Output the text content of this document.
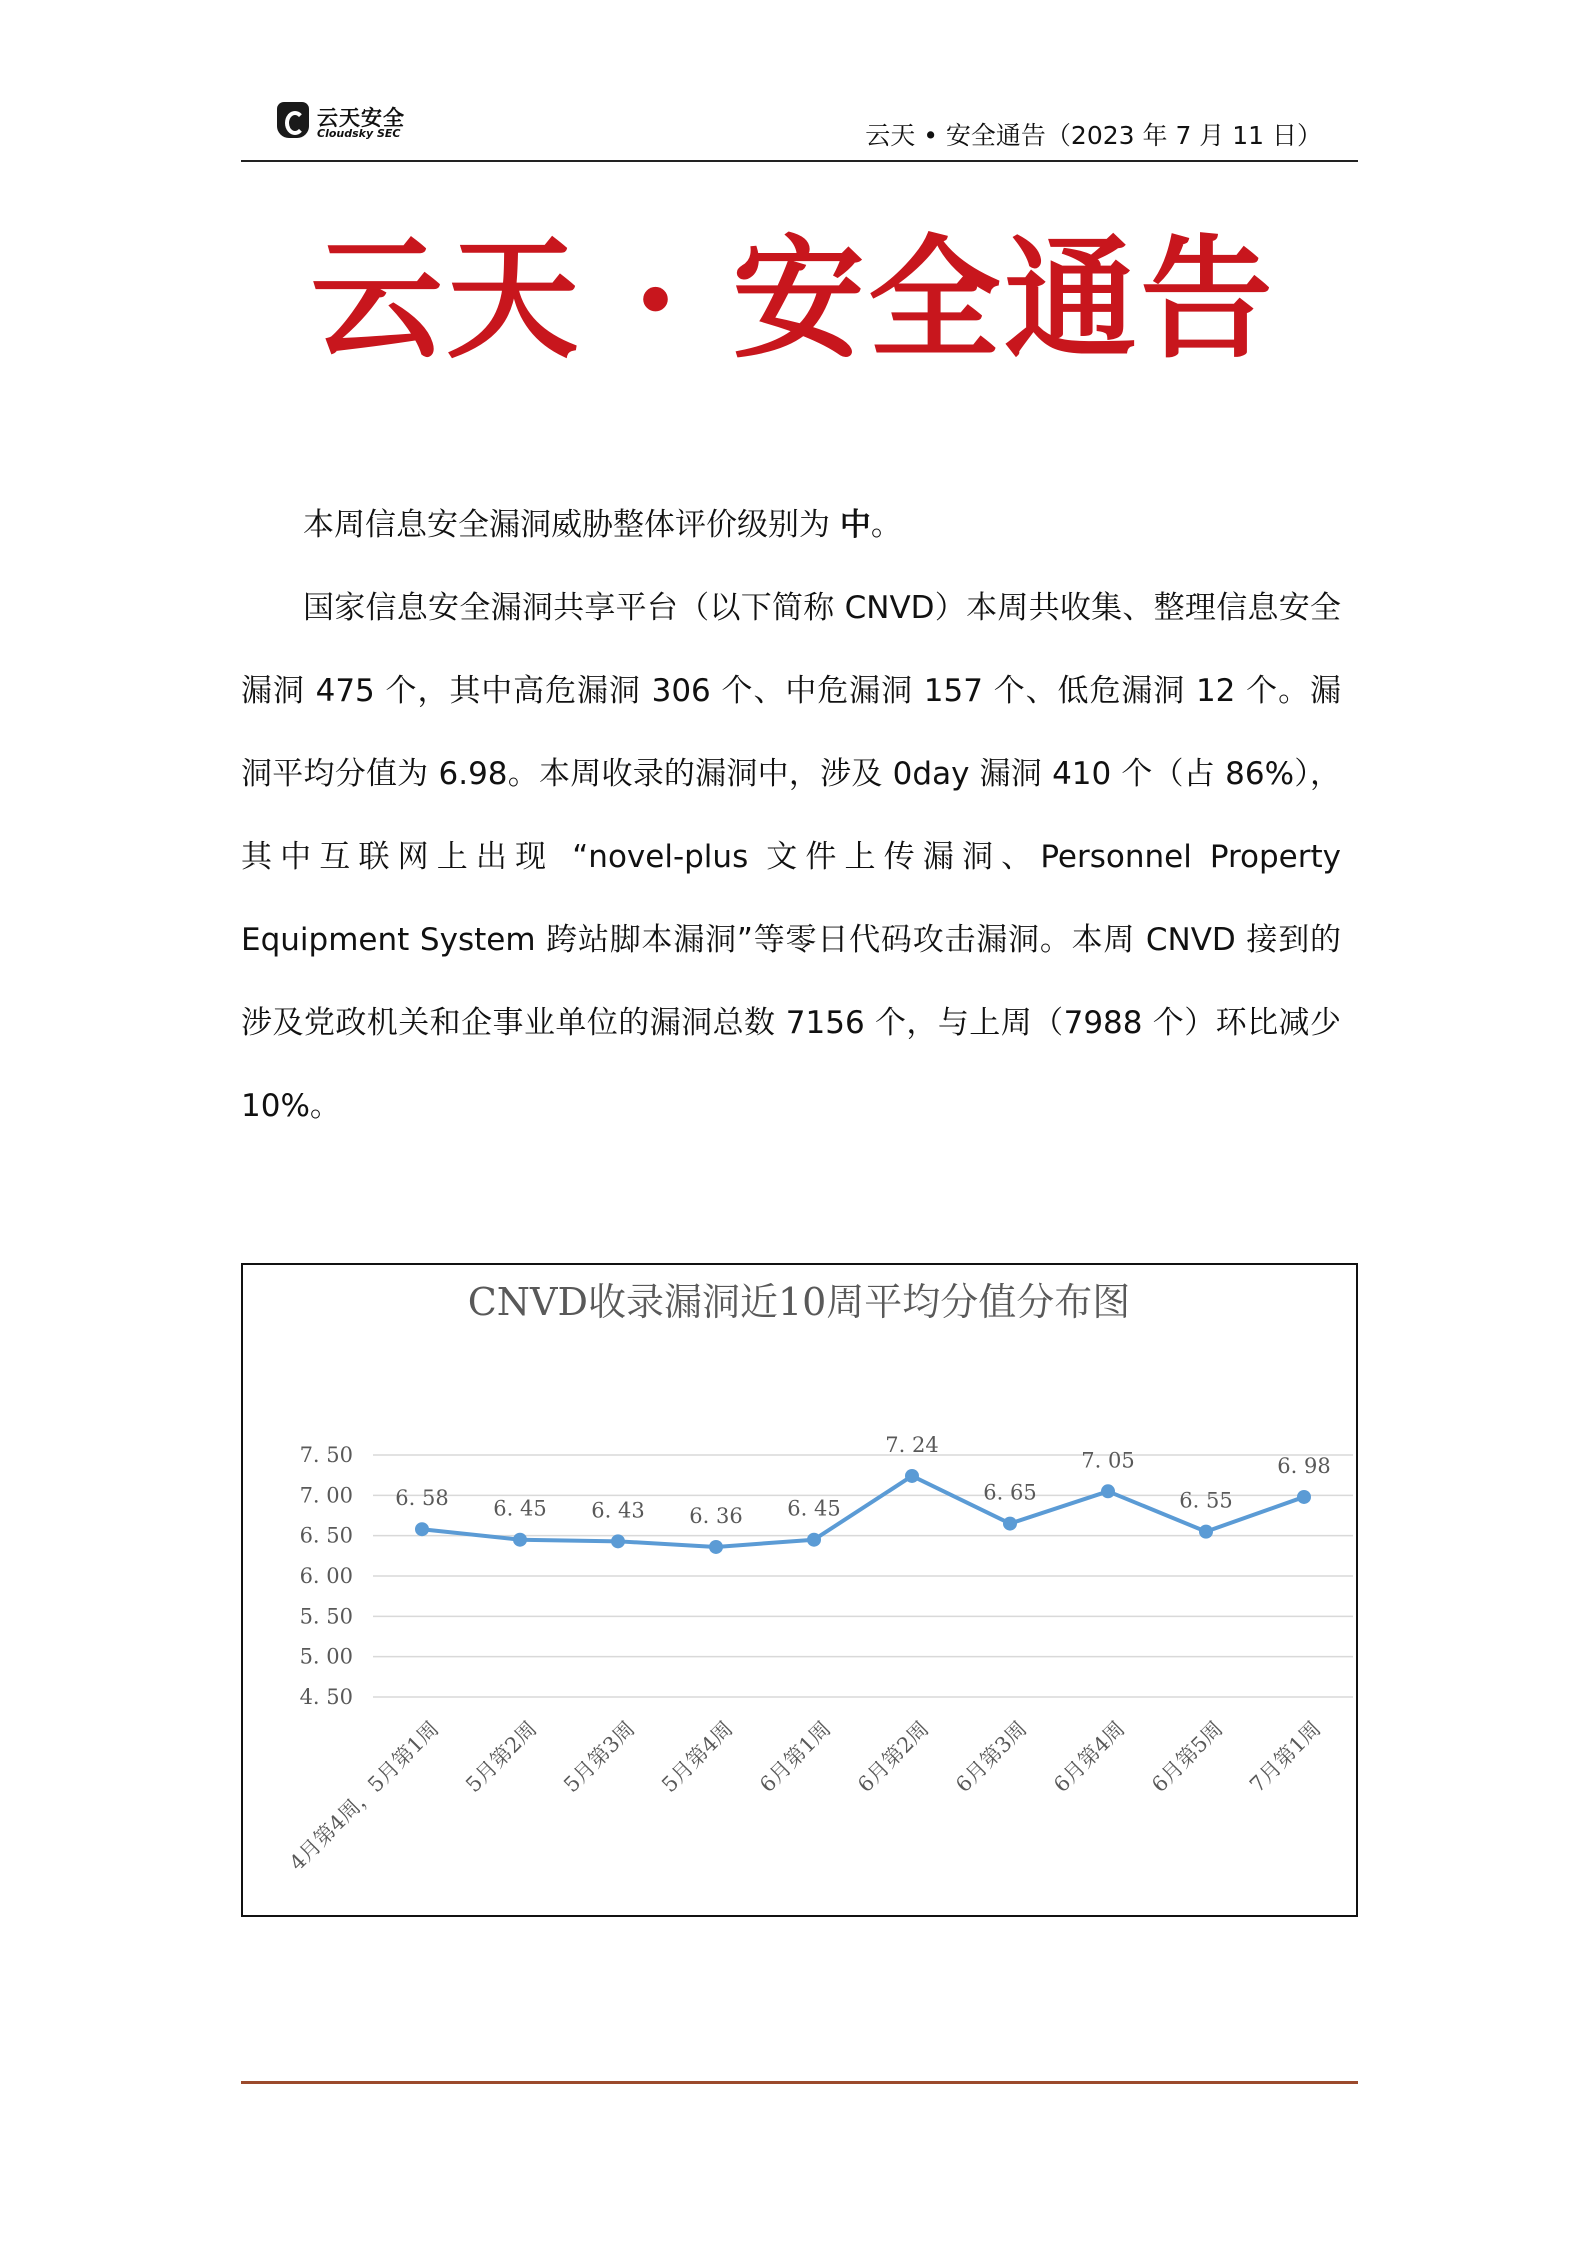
云天安全
Cloudsky SEC	云天 • 安全通告（2023 年 7 月 11 日）
云天 · 安全通告
本周信息安全漏洞威胁整体评价级别为 中。
国家信息安全漏洞共享平台（以下简称 CNVD）本周共收集、整理信息安全漏洞 475 个，其中高危漏洞 306 个、中危漏洞 157 个、低危漏洞 12 个。漏洞平均分值为 6.98。本周收录的漏洞中，涉及 0day 漏洞 410 个（占 86%），其中互联网上出现 “novel-plus 文件上传漏洞、Personnel Property Equipment System 跨站脚本漏洞”等零日代码攻击漏洞。本周 CNVD 接到的涉及党政机关和企事业单位的漏洞总数 7156 个，与上周（7988 个）环比减少 10%。
CNVD收录漏洞近10周平均分值分布图
4. 50
5. 00
5. 50
6. 00
6. 50
7. 00
7. 50
6. 58 6. 45 6. 43 6. 36 6. 45
7. 24
6. 65
7. 05
6. 55
6. 98
4月第4周，5月第1周 5月第2周 5月第3周 5月第4周 6月第1周 6月第2周 6月第3周 6月第4周 6月第5周 7月第1周
